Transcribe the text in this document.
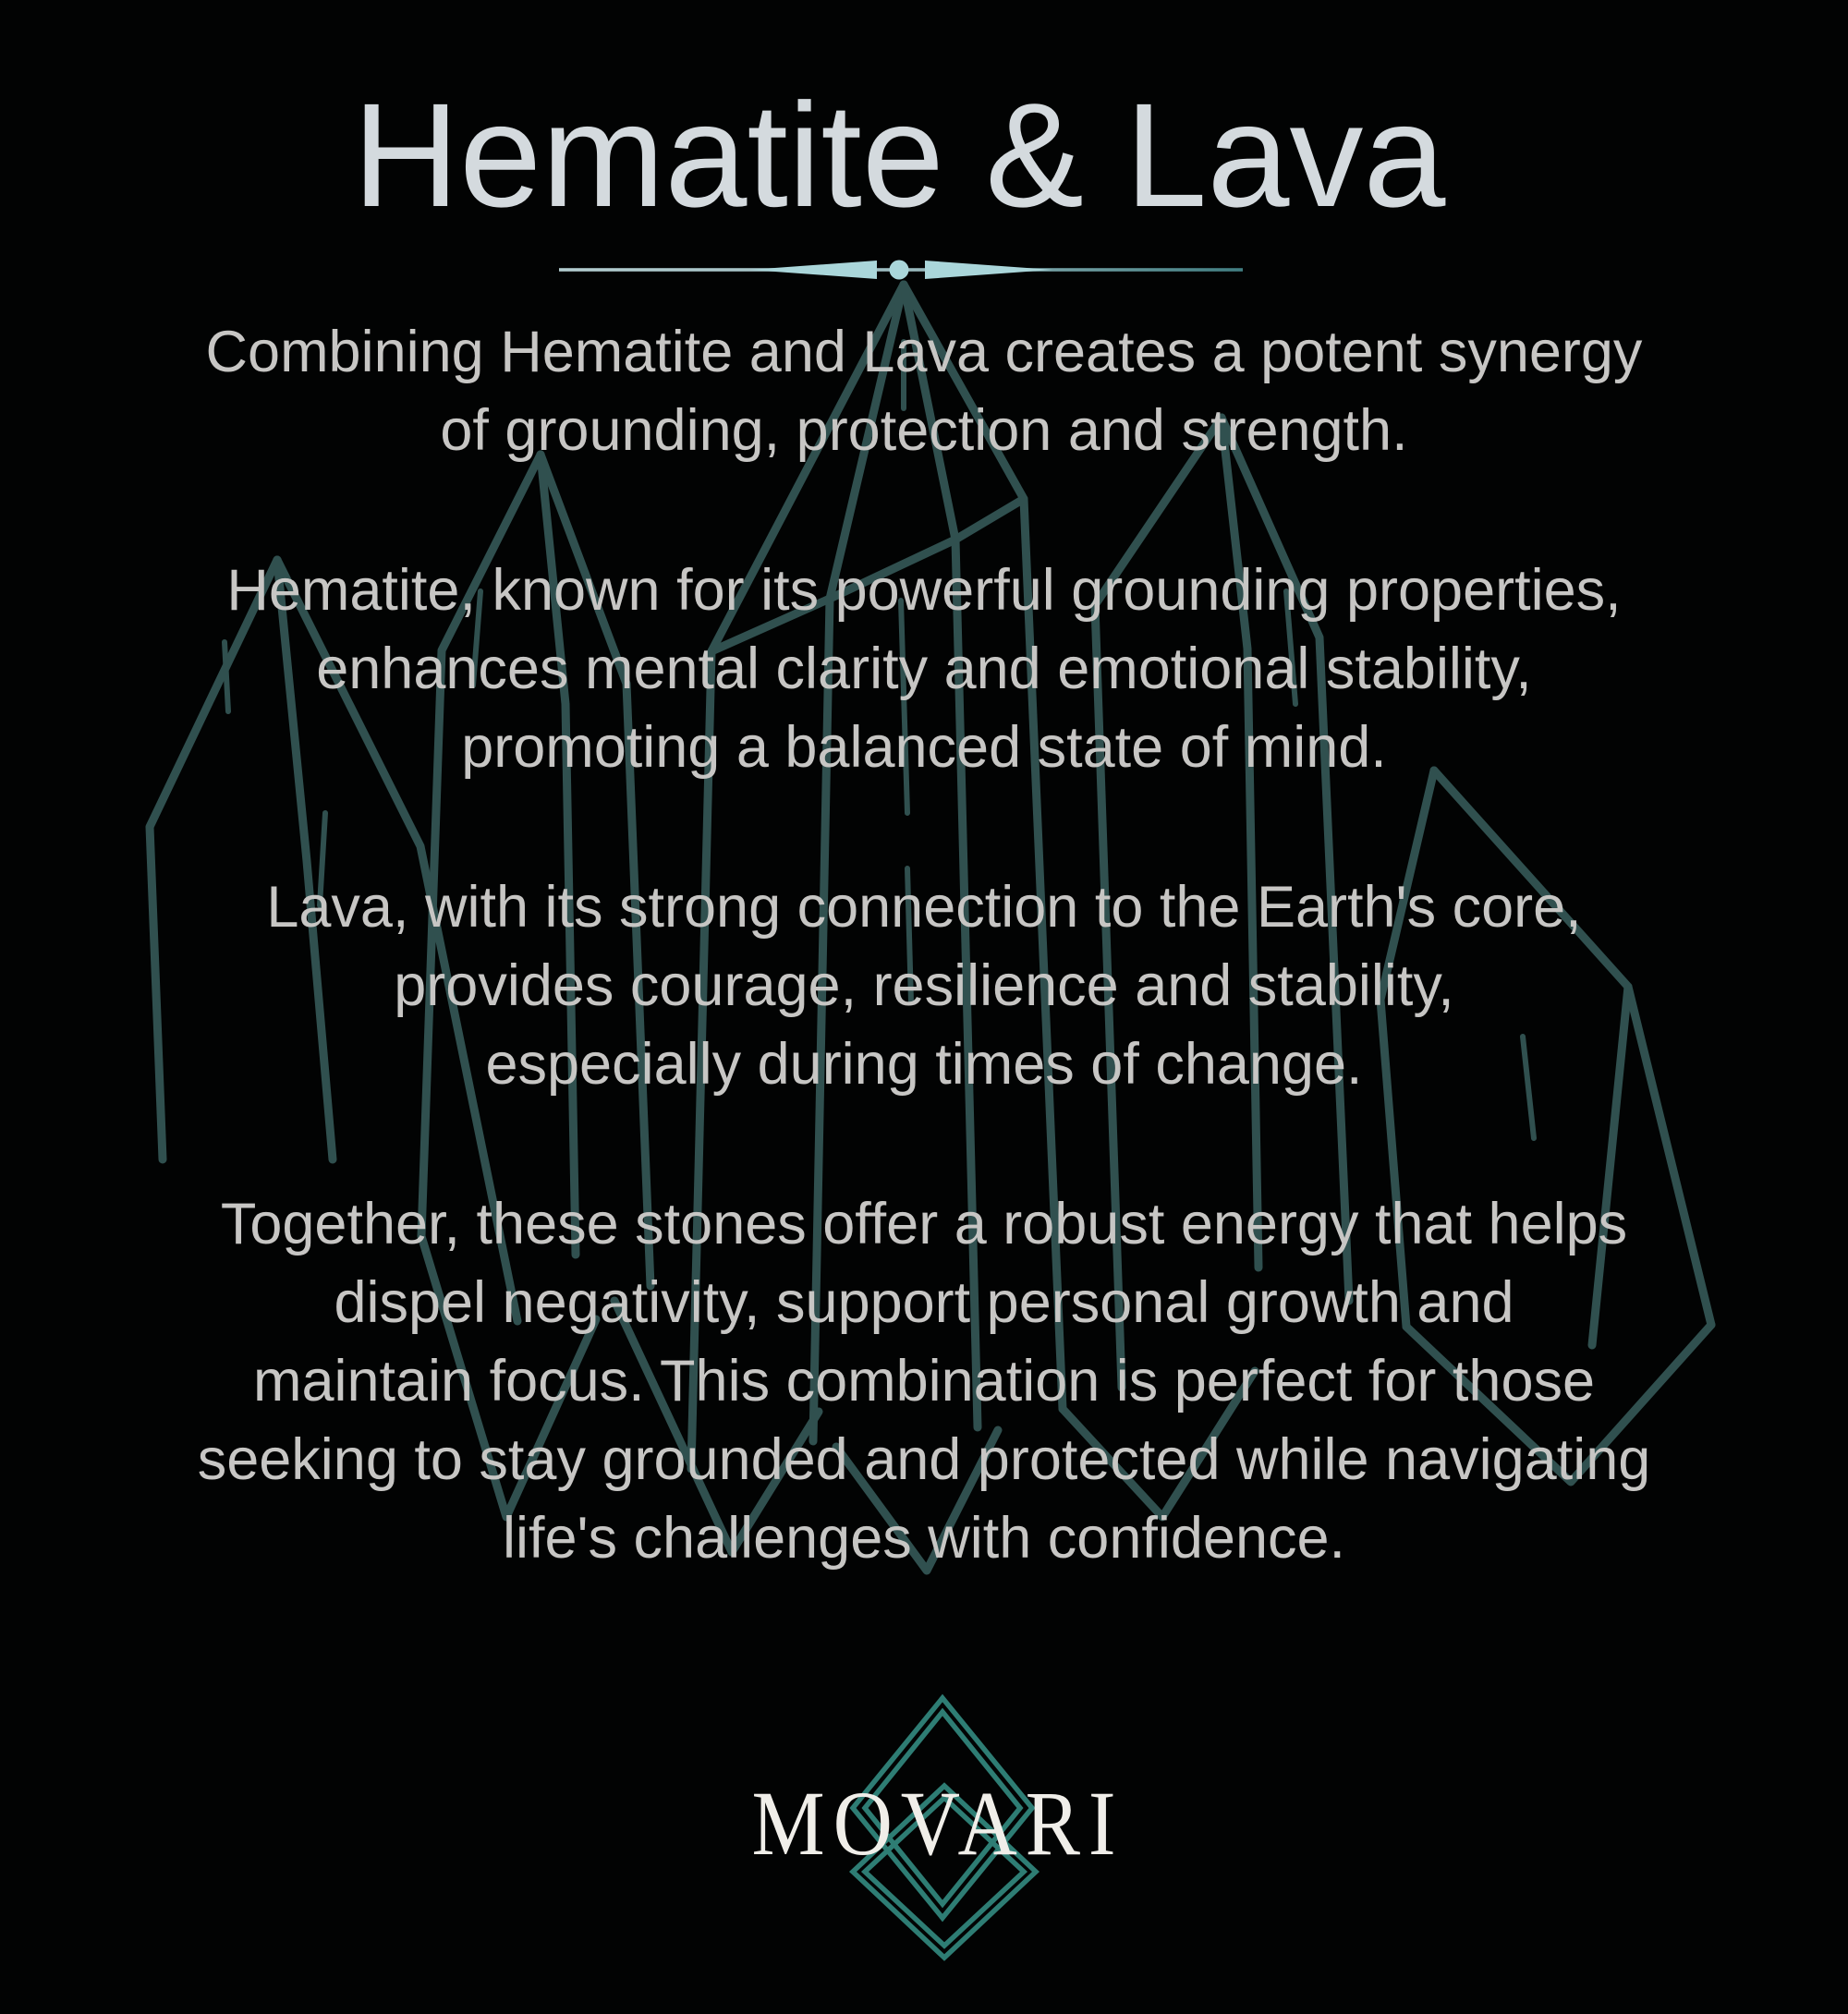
Hematite & Lava

Combining Hematite and Lava creates a potent synergy
of grounding, protection and strength.

Hematite, known for its powerful grounding properties,
enhances mental clarity and emotional stability,
promoting a balanced state of mind.

Lava, with its strong connection to the Earth's core,
provides courage, resilience and stability,
especially during times of change.

Together, these stones offer a robust energy that helps
dispel negativity, support personal growth and
maintain focus. This combination is perfect for those
seeking to stay grounded and protected while navigating
life's challenges with confidence.

MOVARI
